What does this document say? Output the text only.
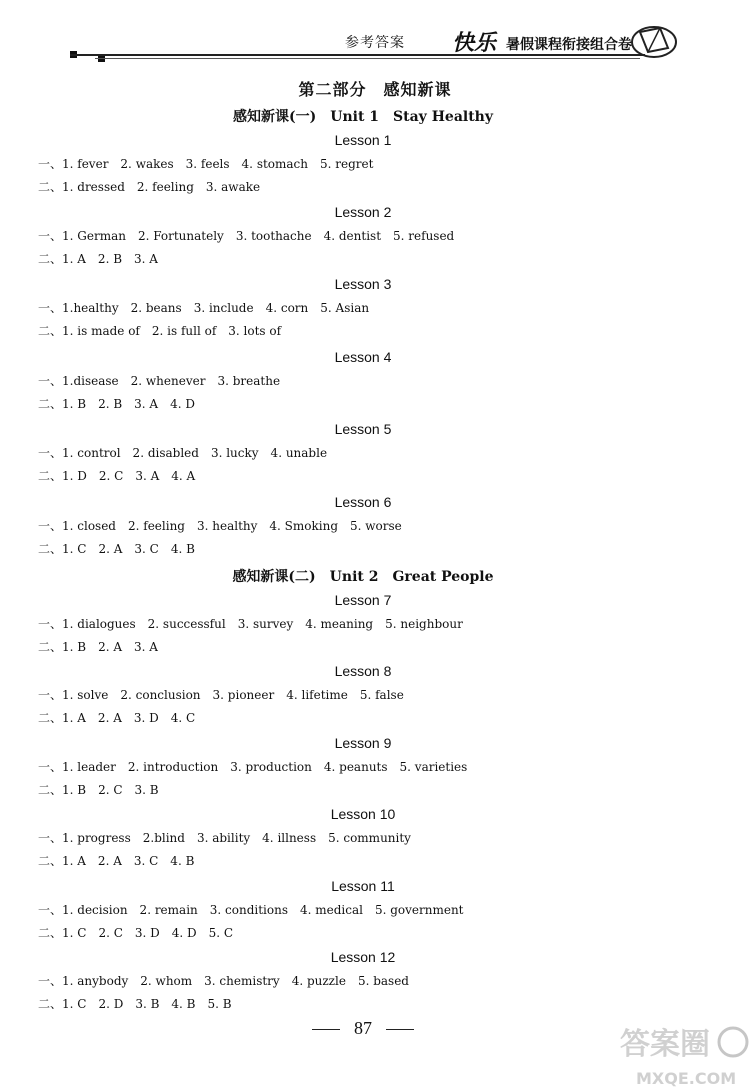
参考答案 快乐 暑假课程衔接组合卷
第二部分　感知新课
感知新课(一)　Unit 1　Stay Healthy
感知新课(二)　Unit 2　Great People
Lesson 1
一、1. fever　2. wakes　3. feels　4. stomach　5. regret
二、1. dressed　2. feeling　3. awake
Lesson 2
一、1. German　2. Fortunately　3. toothache　4. dentist　5. refused
二、1. A　2. B　3. A
Lesson 3
一、1.healthy　2. beans　3. include　4. corn　5. Asian
二、1. is made of　2. is full of　3. lots of
Lesson 4
一、1.disease　2. whenever　3. breathe
二、1. B　2. B　3. A　4. D
Lesson 5
一、1. control　2. disabled　3. lucky　4. unable
二、1. D　2. C　3. A　4. A
Lesson 6
一、1. closed　2. feeling　3. healthy　4. Smoking　5. worse
二、1. C　2. A　3. C　4. B
Lesson 7
一、1. dialogues　2. successful　3. survey　4. meaning　5. neighbour
二、1. B　2. A　3. A
Lesson 8
一、1. solve　2. conclusion　3. pioneer　4. lifetime　5. false
二、1. A　2. A　3. D　4. C
Lesson 9
一、1. leader　2. introduction　3. production　4. peanuts　5. varieties
二、1. B　2. C　3. B
Lesson 10
一、1. progress　2.blind　3. ability　4. illness　5. community
二、1. A　2. A　3. C　4. B
Lesson 11
一、1. decision　2. remain　3. conditions　4. medical　5. government
二、1. C　2. C　3. D　4. D　5. C
Lesson 12
一、1. anybody　2. whom　3. chemistry　4. puzzle　5. based
二、1. C　2. D　3. B　4. B　5. B
87	答案圈
MXQE.COM
